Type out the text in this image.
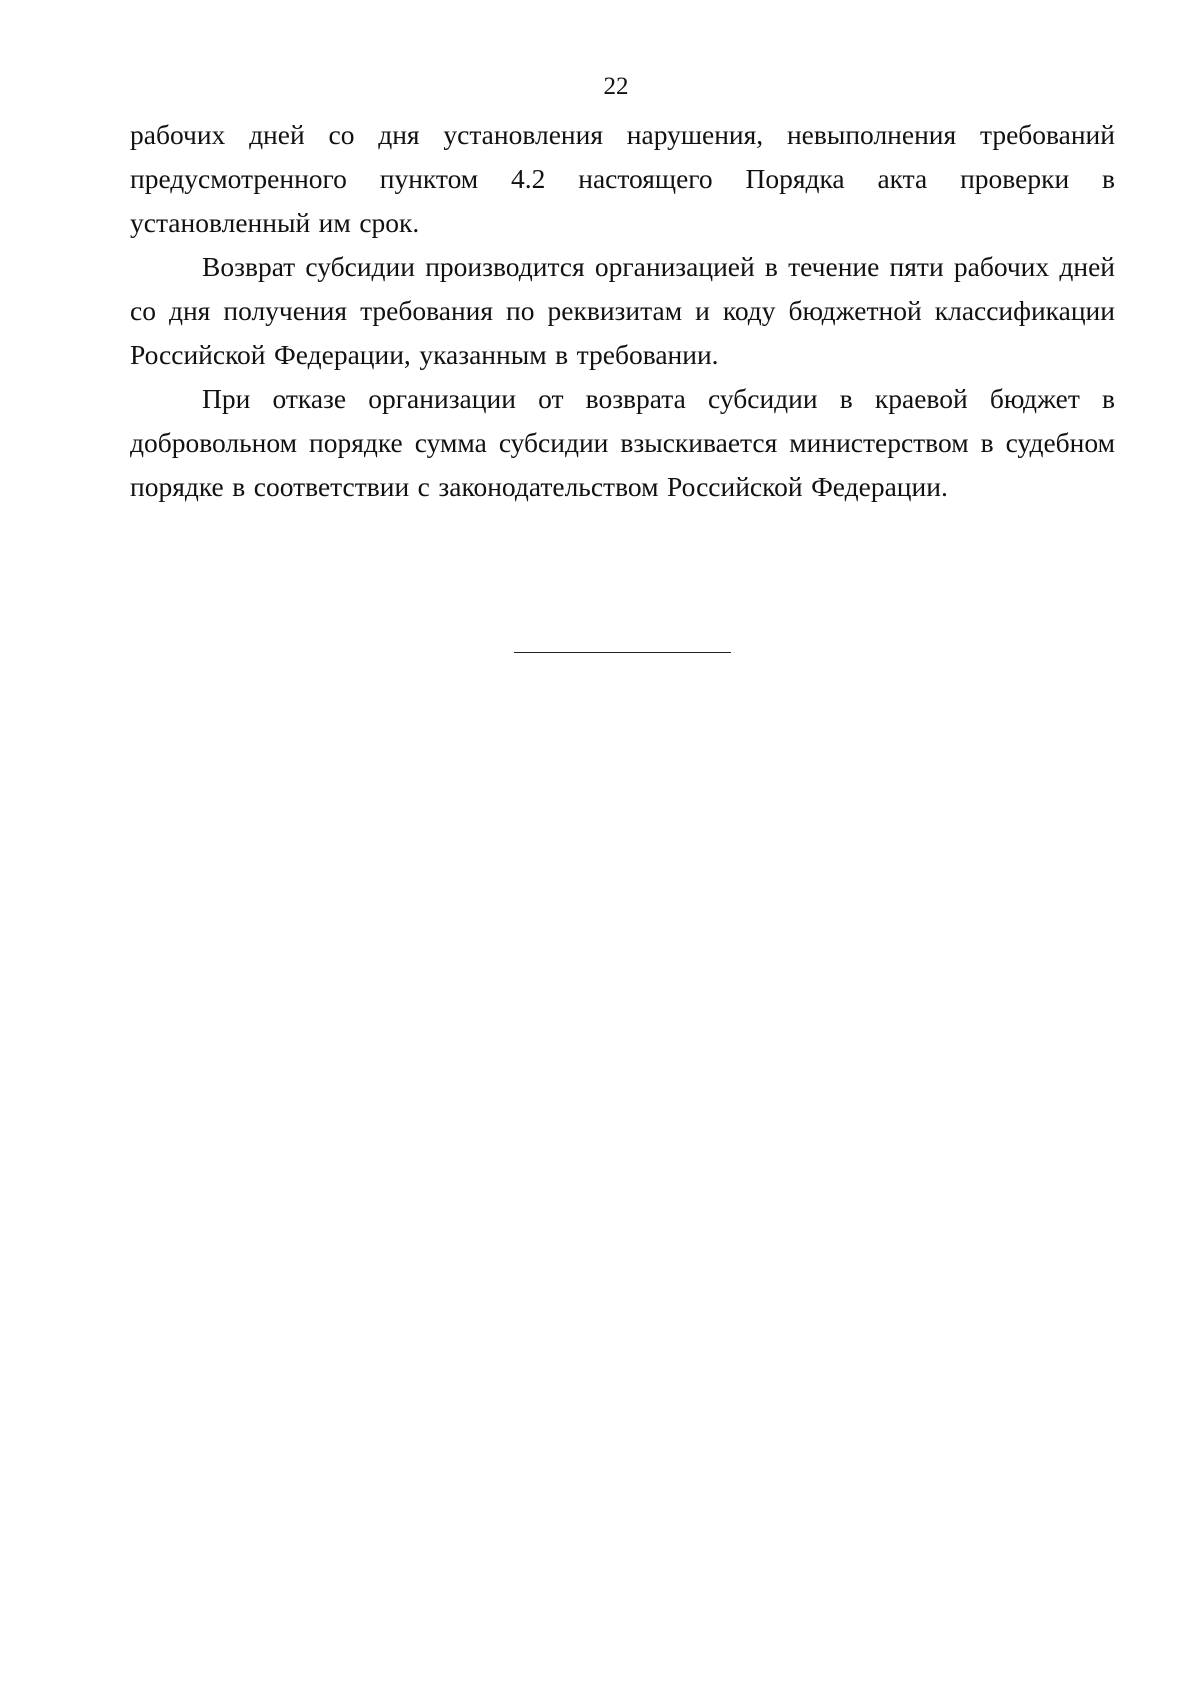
22

рабочих дней со дня установления нарушения, невыполнения требований предусмотренного пунктом 4.2 настоящего Порядка акта проверки в установленный им срок.

Возврат субсидии производится организацией в течение пяти рабочих дней со дня получения требования по реквизитам и коду бюджетной классификации Российской Федерации, указанным в требовании.

При отказе организации от возврата субсидии в краевой бюджет в добровольном порядке сумма субсидии взыскивается министерством в судебном порядке в соответствии с законодательством Российской Федерации.
